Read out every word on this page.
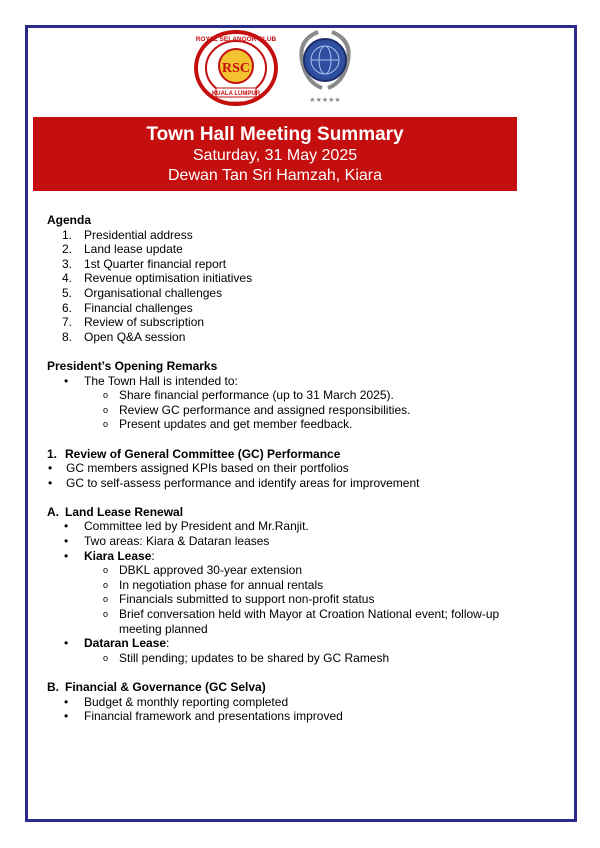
RSC
ROYAL SELANGOR CLUB
KUALA LUMPUR
1884	★★★★★
Town Hall Meeting Summary
Saturday, 31 May 2025
Dewan Tan Sri Hamzah, Kiara
Agenda
1. Presidential address
2. Land lease update
3. 1st Quarter financial report
4. Revenue optimisation initiatives
5. Organisational challenges
6. Financial challenges
7. Review of subscription
8. Open Q&A session
President’s Opening Remarks
• The Town Hall is intended to:
o Share financial performance (up to 31 March 2025).
o Review GC performance and assigned responsibilities.
o Present updates and get member feedback.
1. Review of General Committee (GC) Performance
• GC members assigned KPIs based on their portfolios
• GC to self-assess performance and identify areas for improvement
A. Land Lease Renewal
• Committee led by President and Mr.Ranjit.
• Two areas: Kiara & Dataran leases
• Kiara Lease:
o DBKL approved 30-year extension
o In negotiation phase for annual rentals
o Financials submitted to support non-profit status
o Brief conversation held with Mayor at Croation National event; follow-up meeting planned
• Dataran Lease:
o Still pending; updates to be shared by GC Ramesh
B. Financial & Governance (GC Selva)
• Budget & monthly reporting completed
• Financial framework and presentations improved
